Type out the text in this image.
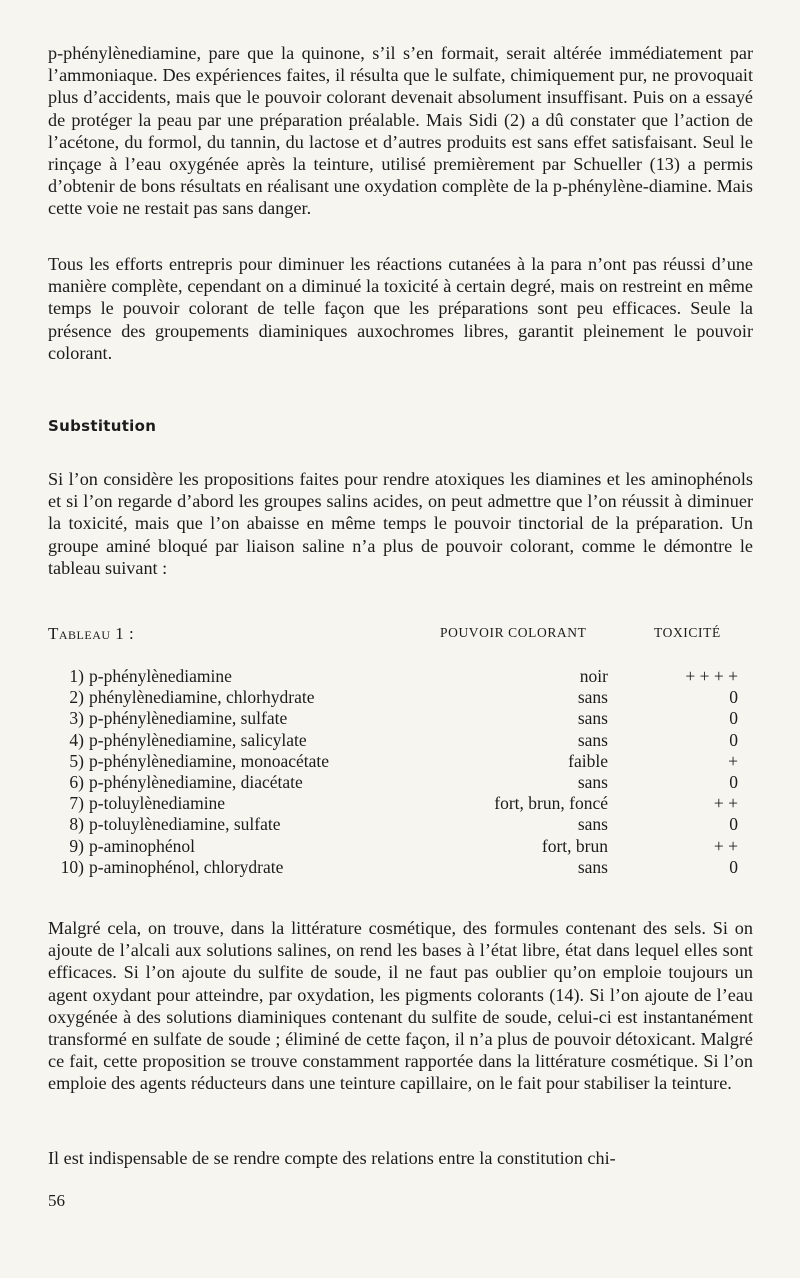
p-phénylènediamine, pare que la quinone, s’il s’en formait, serait altérée immédiatement par l’ammoniaque. Des expériences faites, il résulta que le sulfate, chimiquement pur, ne provoquait plus d’accidents, mais que le pouvoir colorant devenait absolument insuffisant. Puis on a essayé de protéger la peau par une préparation préalable. Mais Sidi (2) a dû constater que l’action de l’acétone, du formol, du tannin, du lactose et d’autres produits est sans effet satisfaisant. Seul le rinçage à l’eau oxygénée après la teinture, utilisé premièrement par Schueller (13) a permis d’obtenir de bons résultats en réalisant une oxydation complète de la p-phénylène-diamine. Mais cette voie ne restait pas sans danger.

Tous les efforts entrepris pour diminuer les réactions cutanées à la para n’ont pas réussi d’une manière complète, cependant on a diminué la toxicité à certain degré, mais on restreint en même temps le pouvoir colorant de telle façon que les préparations sont peu efficaces. Seule la présence des groupements diaminiques auxochromes libres, garantit pleinement le pouvoir colorant.

Substitution

Si l’on considère les propositions faites pour rendre atoxiques les diamines et les aminophénols et si l’on regarde d’abord les groupes salins acides, on peut admettre que l’on réussit à diminuer la toxicité, mais que l’on abaisse en même temps le pouvoir tinctorial de la préparation. Un groupe aminé bloqué par liaison saline n’a plus de pouvoir colorant, comme le démontre le tableau suivant :

Tableau 1 :	POUVOIR COLORANT	TOXICITÉ
1) p-phénylènediamine	noir	+ + + +
2) phénylènediamine, chlorhydrate	sans	0
3) p-phénylènediamine, sulfate	sans	0
4) p-phénylènediamine, salicylate	sans	0
5) p-phénylènediamine, monoacétate	faible	+
6) p-phénylènediamine, diacétate	sans	0
7) p-toluylènediamine	fort, brun, foncé	+ +
8) p-toluylènediamine, sulfate	sans	0
9) p-aminophénol	fort, brun	+ +
10) p-aminophénol, chlorydrate	sans	0

Malgré cela, on trouve, dans la littérature cosmétique, des formules contenant des sels. Si on ajoute de l’alcali aux solutions salines, on rend les bases à l’état libre, état dans lequel elles sont efficaces. Si l’on ajoute du sulfite de soude, il ne faut pas oublier qu’on emploie toujours un agent oxydant pour atteindre, par oxydation, les pigments colorants (14). Si l’on ajoute de l’eau oxygénée à des solutions diaminiques contenant du sulfite de soude, celui-ci est instantanément transformé en sulfate de soude ; éliminé de cette façon, il n’a plus de pouvoir détoxicant. Malgré ce fait, cette proposition se trouve constamment rapportée dans la littérature cosmétique. Si l’on emploie des agents réducteurs dans une teinture capillaire, on le fait pour stabiliser la teinture.

Il est indispensable de se rendre compte des relations entre la constitution chi-

56
